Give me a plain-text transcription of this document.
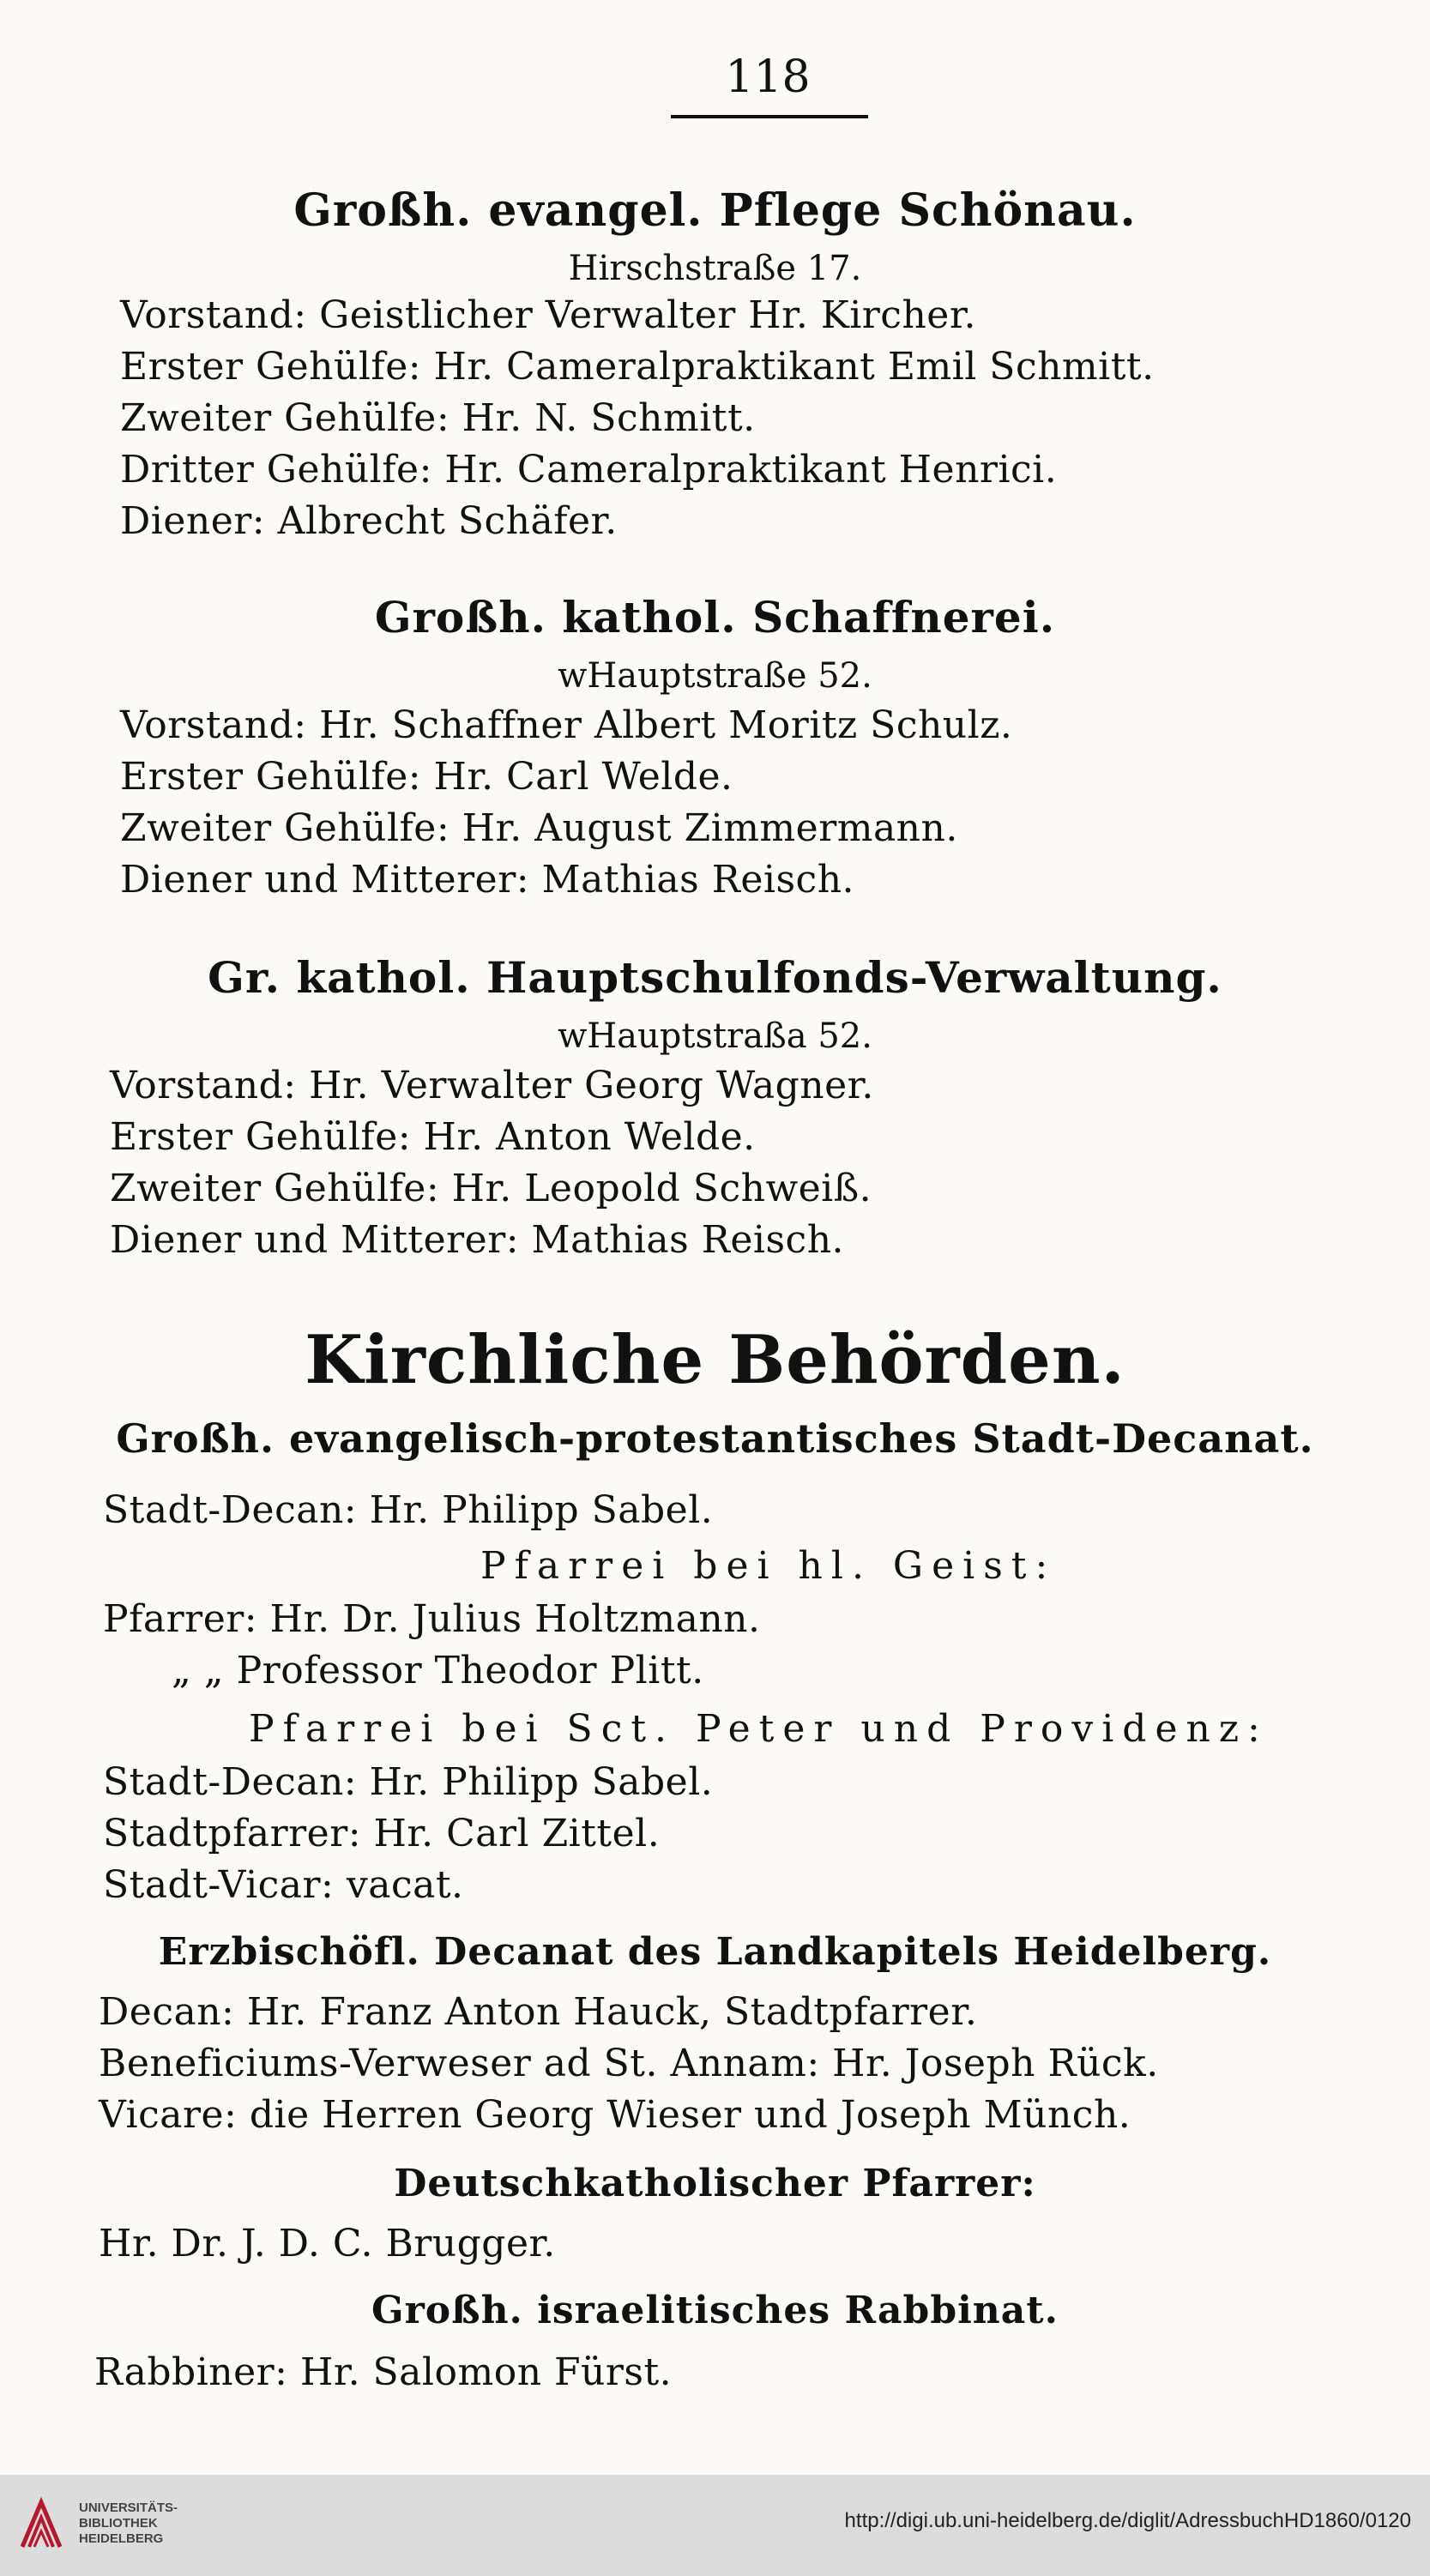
118
Großh. evangel. Pflege Schönau.
Hirschstraße 17.
Vorstand: Geistlicher Verwalter Hr. Kircher.
Erster Gehülfe: Hr. Cameralpraktikant Emil Schmitt.
Zweiter Gehülfe: Hr. N. Schmitt.
Dritter Gehülfe: Hr. Cameralpraktikant Henrici.
Diener: Albrecht Schäfer.
Großh. kathol. Schaffnerei.
wHauptstraße 52.
Vorstand: Hr. Schaffner Albert Moritz Schulz.
Erster Gehülfe: Hr. Carl Welde.
Zweiter Gehülfe: Hr. August Zimmermann.
Diener und Mitterer: Mathias Reisch.
Gr. kathol. Hauptschulfonds-Verwaltung.
wHauptstraßa 52.
Vorstand: Hr. Verwalter Georg Wagner.
Erster Gehülfe: Hr. Anton Welde.
Zweiter Gehülfe: Hr. Leopold Schweiß.
Diener und Mitterer: Mathias Reisch.
Kirchliche Behörden.
Großh. evangelisch-protestantisches Stadt-Decanat.
Stadt-Decan: Hr. Philipp Sabel.
Pfarrei bei hl. Geist:
Pfarrer: Hr. Dr. Julius Holtzmann.
„ „ Professor Theodor Plitt.
Pfarrei bei Sct. Peter und Providenz:
Stadt-Decan: Hr. Philipp Sabel.
Stadtpfarrer: Hr. Carl Zittel.
Stadt-Vicar: vacat.
Erzbischöfl. Decanat des Landkapitels Heidelberg.
Decan: Hr. Franz Anton Hauck, Stadtpfarrer.
Beneficiums-Verweser ad St. Annam: Hr. Joseph Rück.
Vicare: die Herren Georg Wieser und Joseph Münch.
Deutschkatholischer Pfarrer:
Hr. Dr. J. D. C. Brugger.
Großh. israelitisches Rabbinat.
Rabbiner: Hr. Salomon Fürst.
UNIVERSITÄTS-
BIBLIOTHEK
HEIDELBERG
http://digi.ub.uni-heidelberg.de/diglit/AdressbuchHD1860/0120
